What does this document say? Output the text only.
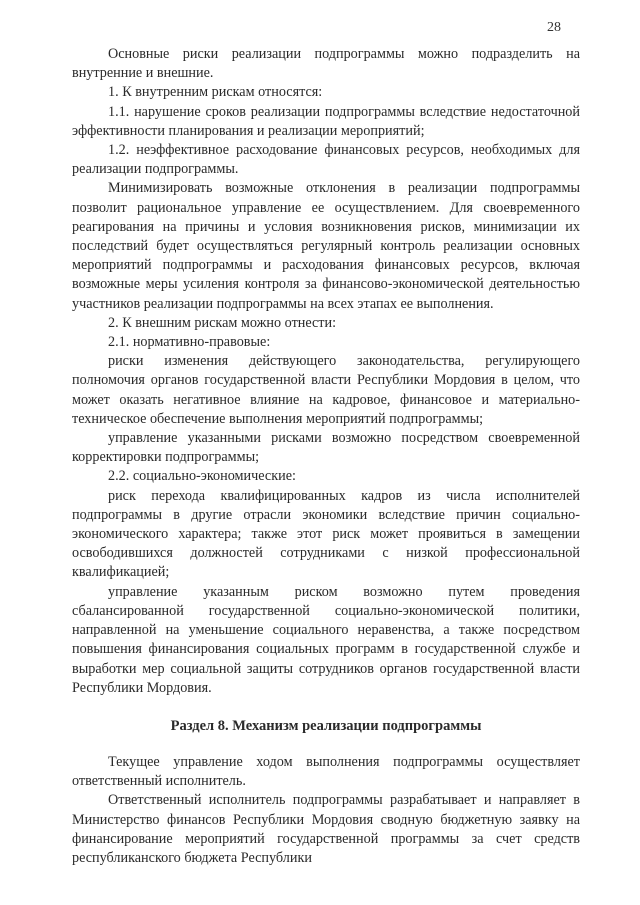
28

Основные риски реализации подпрограммы можно подразделить на внутренние и внешние.

1. К внутренним рискам относятся:

1.1. нарушение сроков реализации подпрограммы вследствие недостаточной эффективности планирования и реализации мероприятий;

1.2. неэффективное расходование финансовых ресурсов, необходимых для реализации подпрограммы.

Минимизировать возможные отклонения в реализации подпрограммы позволит рациональное управление ее осуществлением. Для своевременного реагирования на причины и условия возникновения рисков, минимизации их последствий будет осуществляться регулярный контроль реализации основных мероприятий подпрограммы и расходования финансовых ресурсов, включая возможные меры усиления контроля за финансово-экономической деятельностью участников реализации подпрограммы на всех этапах ее выполнения.

2. К внешним рискам можно отнести:

2.1. нормативно-правовые:

риски изменения действующего законодательства, регулирующего полномочия органов государственной власти Республики Мордовия в целом, что может оказать негативное влияние на кадровое, финансовое и материально-техническое обеспечение выполнения мероприятий подпрограммы;

управление указанными рисками возможно посредством своевременной корректировки подпрограммы;

2.2. социально-экономические:

риск перехода квалифицированных кадров из числа исполнителей подпрограммы в другие отрасли экономики вследствие причин социально-экономического характера; также этот риск может проявиться в замещении освободившихся должностей сотрудниками с низкой профессиональной квалификацией;

управление указанным риском возможно путем проведения сбалансированной государственной социально-экономической политики, направленной на уменьшение социального неравенства, а также посредством повышения финансирования социальных программ в государственной службе и выработки мер социальной защиты сотрудников органов государственной власти Республики Мордовия.

Раздел 8. Механизм реализации подпрограммы

Текущее управление ходом выполнения подпрограммы осуществляет ответственный исполнитель.

Ответственный исполнитель подпрограммы разрабатывает и направляет в Министерство финансов Республики Мордовия сводную бюджетную заявку на финансирование мероприятий государственной программы за счет средств республиканского бюджета Республики
